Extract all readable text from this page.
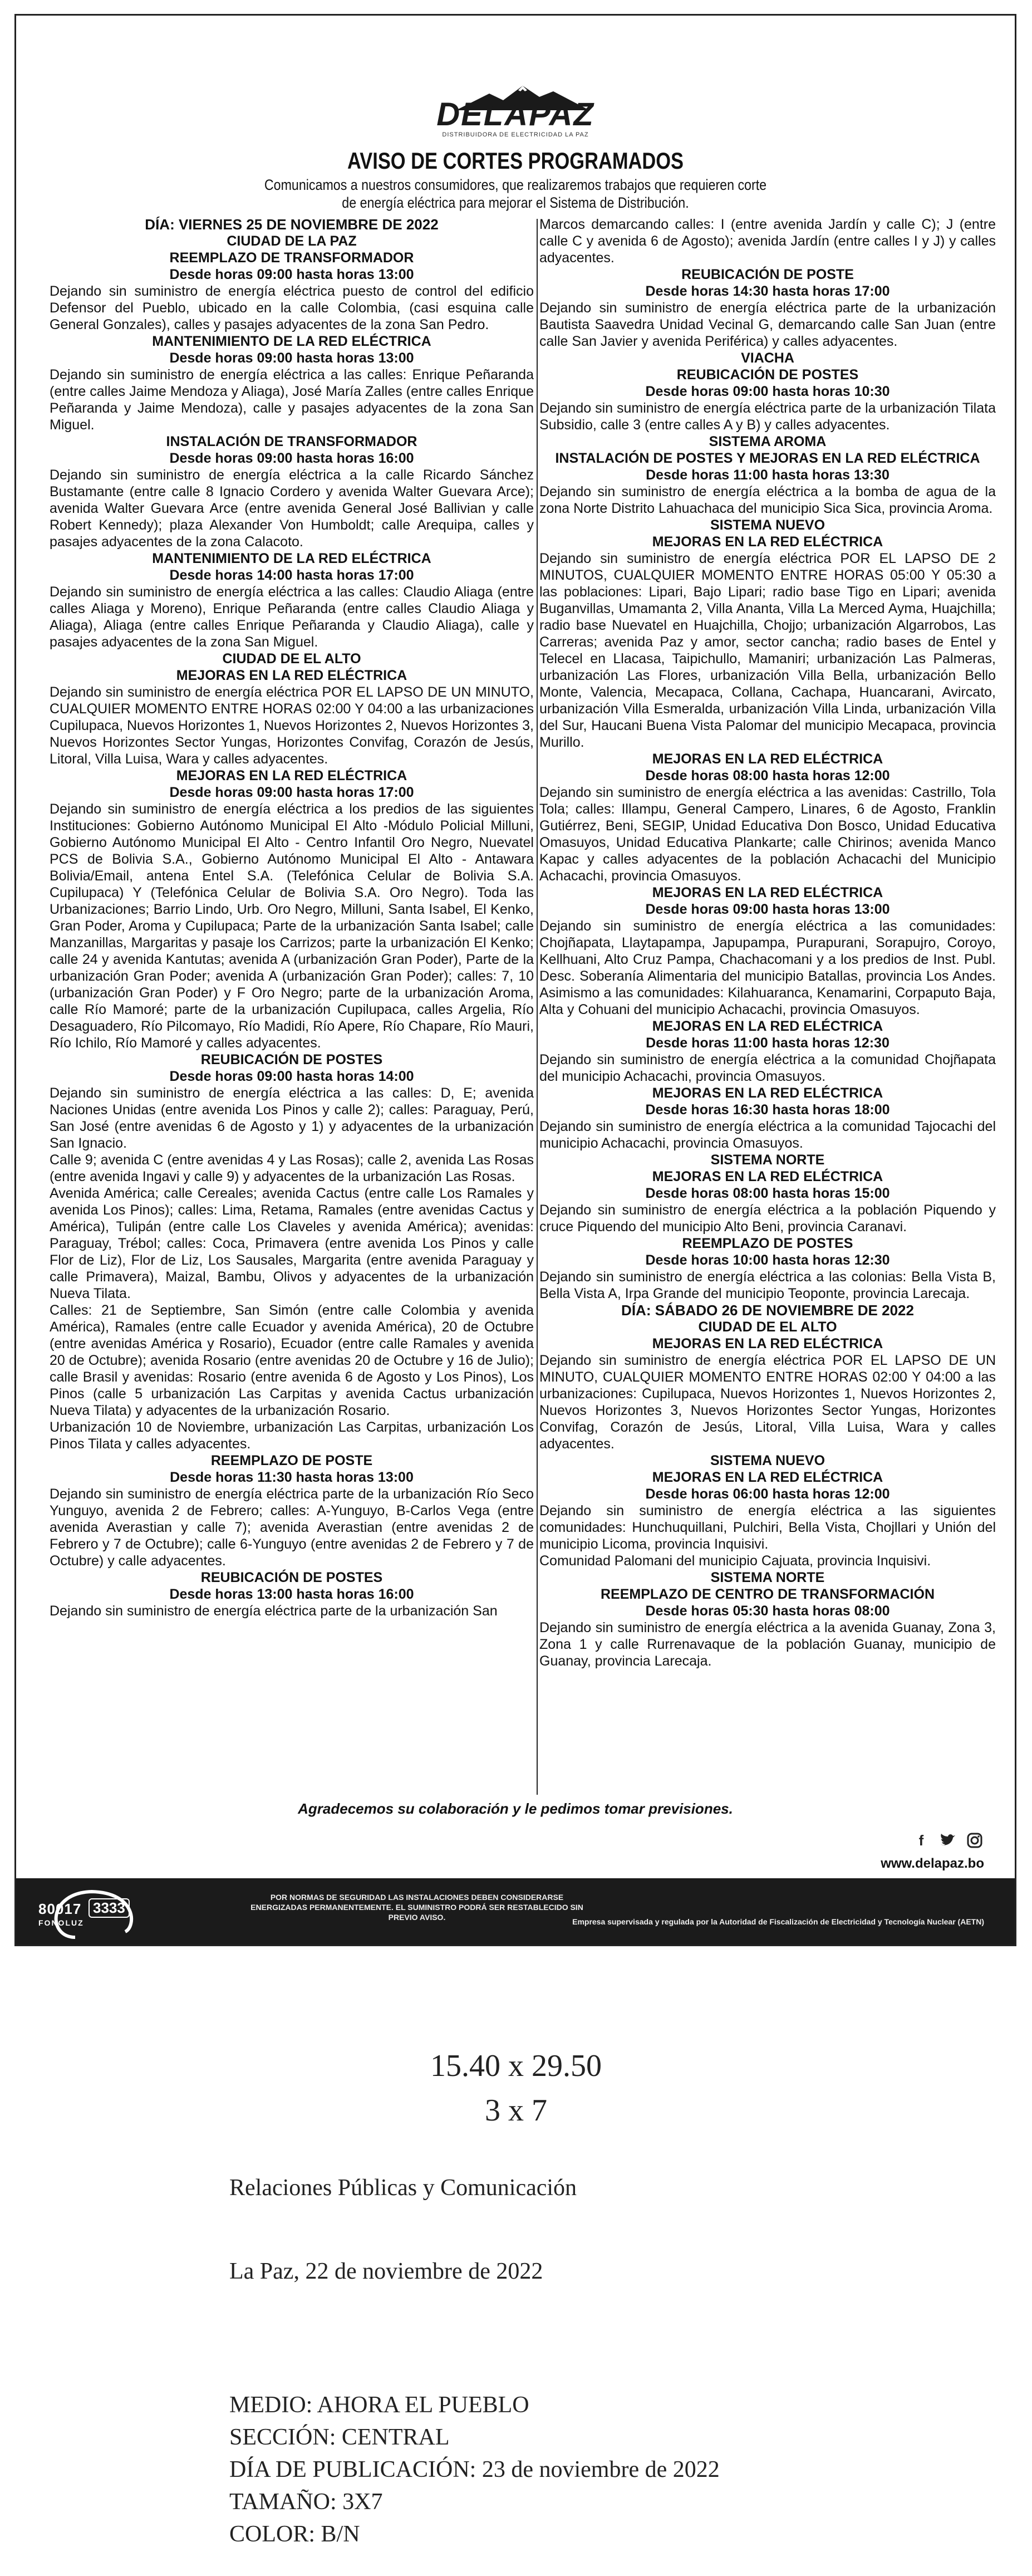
DELAPAZ
DISTRIBUIDORA DE ELECTRICIDAD LA PAZ
AVISO DE CORTES PROGRAMADOS
Comunicamos a nuestros consumidores, que realizaremos trabajos que requieren corte de energía eléctrica para mejorar el Sistema de Distribución.
DÍA: VIERNES 25 DE NOVIEMBRE DE 2022
CIUDAD DE LA PAZ
REEMPLAZO DE TRANSFORMADOR
Desde horas 09:00 hasta horas 13:00
Dejando sin suministro de energía eléctrica puesto de control del edificio Defensor del Pueblo, ubicado en la calle Colombia, (casi esquina calle General Gonzales), calles y pasajes adyacentes de la zona San Pedro.
MANTENIMIENTO DE LA RED ELÉCTRICA
Desde horas 09:00 hasta horas 13:00
Dejando sin suministro de energía eléctrica a las calles: Enrique Peñaranda (entre calles Jaime Mendoza y Aliaga), José María Zalles (entre calles Enrique Peñaranda y Jaime Mendoza), calle y pasajes adyacentes de la zona San Miguel.
INSTALACIÓN DE TRANSFORMADOR
Desde horas 09:00 hasta horas 16:00
Dejando sin suministro de energía eléctrica a la calle Ricardo Sánchez Bustamante (entre calle 8 Ignacio Cordero y avenida Walter Guevara Arce); avenida Walter Guevara Arce (entre avenida General José Ballivian y calle Robert Kennedy); plaza Alexander Von Humboldt; calle Arequipa, calles y pasajes adyacentes de la zona Calacoto.
MANTENIMIENTO DE LA RED ELÉCTRICA
Desde horas 14:00 hasta horas 17:00
Dejando sin suministro de energía eléctrica a las calles: Claudio Aliaga (entre calles Aliaga y Moreno), Enrique Peñaranda (entre calles Claudio Aliaga y Aliaga), Aliaga (entre calles Enrique Peñaranda y Claudio Aliaga), calle y pasajes adyacentes de la zona San Miguel.
CIUDAD DE EL ALTO
MEJORAS EN LA RED ELÉCTRICA
Dejando sin suministro de energía eléctrica POR EL LAPSO DE UN MINUTO, CUALQUIER MOMENTO ENTRE HORAS 02:00 Y 04:00 a las urbanizaciones Cupilupaca, Nuevos Horizontes 1, Nuevos Horizontes 2, Nuevos Horizontes 3, Nuevos Horizontes Sector Yungas, Horizontes Convifag, Corazón de Jesús, Litoral, Villa Luisa, Wara y calles adyacentes.
MEJORAS EN LA RED ELÉCTRICA
Desde horas 09:00 hasta horas 17:00
Dejando sin suministro de energía eléctrica a los predios de las siguientes Instituciones: Gobierno Autónomo Municipal El Alto -Módulo Policial Milluni, Gobierno Autónomo Municipal El Alto - Centro Infantil Oro Negro, Nuevatel PCS de Bolivia S.A., Gobierno Autónomo Municipal El Alto - Antawara Bolivia/Email, antena Entel S.A. (Telefónica Celular de Bolivia S.A. Cupilupaca) Y (Telefónica Celular de Bolivia S.A. Oro Negro). Toda las Urbanizaciones; Barrio Lindo, Urb. Oro Negro, Milluni, Santa Isabel, El Kenko, Gran Poder, Aroma y Cupilupaca; Parte de la urbanización Santa Isabel; calle Manzanillas, Margaritas y pasaje los Carrizos; parte la urbanización El Kenko; calle 24 y avenida Kantutas; avenida A (urbanización Gran Poder), Parte de la urbanización Gran Poder; avenida A (urbanización Gran Poder); calles: 7, 10 (urbanización Gran Poder) y F Oro Negro; parte de la urbanización Aroma, calle Río Mamoré; parte de la urbanización Cupilupaca, calles Argelia, Río Desaguadero, Río Pilcomayo, Río Madidi, Río Apere, Río Chapare, Río Mauri, Río Ichilo, Río Mamoré y calles adyacentes.
REUBICACIÓN DE POSTES
Desde horas 09:00 hasta horas 14:00
Dejando sin suministro de energía eléctrica a las calles: D, E; avenida Naciones Unidas (entre avenida Los Pinos y calle 2); calles: Paraguay, Perú, San José (entre avenidas 6 de Agosto y 1) y adyacentes de la urbanización San Ignacio.
Calle 9; avenida C (entre avenidas 4 y Las Rosas); calle 2, avenida Las Rosas (entre avenida Ingavi y calle 9) y adyacentes de la urbanización Las Rosas.
Avenida América; calle Cereales; avenida Cactus (entre calle Los Ramales y avenida Los Pinos); calles: Lima, Retama, Ramales (entre avenidas Cactus y América), Tulipán (entre calle Los Claveles y avenida América); avenidas: Paraguay, Trébol; calles: Coca, Primavera (entre avenida Los Pinos y calle Flor de Liz), Flor de Liz, Los Sausales, Margarita (entre avenida Paraguay y calle Primavera), Maizal, Bambu, Olivos y adyacentes de la urbanización Nueva Tilata.
Calles: 21 de Septiembre, San Simón (entre calle Colombia y avenida América), Ramales (entre calle Ecuador y avenida América), 20 de Octubre (entre avenidas América y Rosario), Ecuador (entre calle Ramales y avenida 20 de Octubre); avenida Rosario (entre avenidas 20 de Octubre y 16 de Julio); calle Brasil y avenidas: Rosario (entre avenida 6 de Agosto y Los Pinos), Los Pinos (calle 5 urbanización Las Carpitas y avenida Cactus urbanización Nueva Tilata) y adyacentes de la urbanización Rosario.
Urbanización 10 de Noviembre, urbanización Las Carpitas, urbanización Los Pinos Tilata y calles adyacentes.
REEMPLAZO DE POSTE
Desde horas 11:30 hasta horas 13:00
Dejando sin suministro de energía eléctrica parte de la urbanización Río Seco Yunguyo, avenida 2 de Febrero; calles: A-Yunguyo, B-Carlos Vega (entre avenida Averastian y calle 7); avenida Averastian (entre avenidas 2 de Febrero y 7 de Octubre); calle 6-Yunguyo (entre avenidas 2 de Febrero y 7 de Octubre) y calle adyacentes.
REUBICACIÓN DE POSTES
Desde horas 13:00 hasta horas 16:00
Dejando sin suministro de energía eléctrica parte de la urbanización San
Marcos demarcando calles: I (entre avenida Jardín y calle C); J (entre calle C y avenida 6 de Agosto); avenida Jardín (entre calles I y J) y calles adyacentes.
REUBICACIÓN DE POSTE
Desde horas 14:30 hasta horas 17:00
Dejando sin suministro de energía eléctrica parte de la urbanización Bautista Saavedra Unidad Vecinal G, demarcando calle San Juan (entre calle San Javier y avenida Periférica) y calles adyacentes.
VIACHA
REUBICACIÓN DE POSTES
Desde horas 09:00 hasta horas 10:30
Dejando sin suministro de energía eléctrica parte de la urbanización Tilata Subsidio, calle 3 (entre calles A y B) y calles adyacentes.
SISTEMA AROMA
INSTALACIÓN DE POSTES Y MEJORAS EN LA RED ELÉCTRICA
Desde horas 11:00 hasta horas 13:30
Dejando sin suministro de energía eléctrica a la bomba de agua de la zona Norte Distrito Lahuachaca del municipio Sica Sica, provincia Aroma.
SISTEMA NUEVO
MEJORAS EN LA RED ELÉCTRICA
Dejando sin suministro de energía eléctrica POR EL LAPSO DE 2 MINUTOS, CUALQUIER MOMENTO ENTRE HORAS 05:00 Y 05:30 a las poblaciones: Lipari, Bajo Lipari; radio base Tigo en Lipari; avenida Buganvillas, Umamanta 2, Villa Ananta, Villa La Merced Ayma, Huajchilla; radio base Nuevatel en Huajchilla, Chojjo; urbanización Algarrobos, Las Carreras; avenida Paz y amor, sector cancha; radio bases de Entel y Telecel en Llacasa, Taipichullo, Mamaniri; urbanización Las Palmeras, urbanización Las Flores, urbanización Villa Bella, urbanización Bello Monte, Valencia, Mecapaca, Collana, Cachapa, Huancarani, Avircato, urbanización Villa Esmeralda, urbanización Villa Linda, urbanización Villa del Sur, Haucani Buena Vista Palomar del municipio Mecapaca, provincia Murillo.
MEJORAS EN LA RED ELÉCTRICA
Desde horas 08:00 hasta horas 12:00
Dejando sin suministro de energía eléctrica a las avenidas: Castrillo, Tola Tola; calles: Illampu, General Campero, Linares, 6 de Agosto, Franklin Gutiérrez, Beni, SEGIP, Unidad Educativa Don Bosco, Unidad Educativa Omasuyos, Unidad Educativa Plankarte; calle Chirinos; avenida Manco Kapac y calles adyacentes de la población Achacachi del Municipio Achacachi, provincia Omasuyos.
MEJORAS EN LA RED ELÉCTRICA
Desde horas 09:00 hasta horas 13:00
Dejando sin suministro de energía eléctrica a las comunidades: Chojñapata, Llaytapampa, Japupampa, Purapurani, Sorapujro, Coroyo, Kellhuani, Alto Cruz Pampa, Chachacomani y a los predios de Inst. Publ. Desc. Soberanía Alimentaria del municipio Batallas, provincia Los Andes. Asimismo a las comunidades: Kilahuaranca, Kenamarini, Corpaputo Baja, Alta y Cohuani del municipio Achacachi, provincia Omasuyos.
MEJORAS EN LA RED ELÉCTRICA
Desde horas 11:00 hasta horas 12:30
Dejando sin suministro de energía eléctrica a la comunidad Chojñapata del municipio Achacachi, provincia Omasuyos.
MEJORAS EN LA RED ELÉCTRICA
Desde horas 16:30 hasta horas 18:00
Dejando sin suministro de energía eléctrica a la comunidad Tajocachi del municipio Achacachi, provincia Omasuyos.
SISTEMA NORTE
MEJORAS EN LA RED ELÉCTRICA
Desde horas 08:00 hasta horas 15:00
Dejando sin suministro de energía eléctrica a la población Piquendo y cruce Piquendo del municipio Alto Beni, provincia Caranavi.
REEMPLAZO DE POSTES
Desde horas 10:00 hasta horas 12:30
Dejando sin suministro de energía eléctrica a las colonias: Bella Vista B, Bella Vista A, Irpa Grande del municipio Teoponte, provincia Larecaja.
DÍA: SÁBADO 26 DE NOVIEMBRE DE 2022
CIUDAD DE EL ALTO
MEJORAS EN LA RED ELÉCTRICA
Dejando sin suministro de energía eléctrica POR EL LAPSO DE UN MINUTO, CUALQUIER MOMENTO ENTRE HORAS 02:00 Y 04:00 a las urbanizaciones: Cupilupaca, Nuevos Horizontes 1, Nuevos Horizontes 2, Nuevos Horizontes 3, Nuevos Horizontes Sector Yungas, Horizontes Convifag, Corazón de Jesús, Litoral, Villa Luisa, Wara y calles adyacentes.
SISTEMA NUEVO
MEJORAS EN LA RED ELÉCTRICA
Desde horas 06:00 hasta horas 12:00
Dejando sin suministro de energía eléctrica a las siguientes comunidades: Hunchuquillani, Pulchiri, Bella Vista, Chojllari y Unión del municipio Licoma, provincia Inquisivi.
Comunidad Palomani del municipio Cajuata, provincia Inquisivi.
SISTEMA NORTE
REEMPLAZO DE CENTRO DE TRANSFORMACIÓN
Desde horas 05:30 hasta horas 08:00
Dejando sin suministro de energía eléctrica a la avenida Guanay, Zona 3, Zona 1 y calle Rurrenavaque de la población Guanay, municipio de Guanay, provincia Larecaja.
Agradecemos su colaboración y le pedimos tomar previsiones.
f
www.delapaz.bo
80017 3333
FONOLUZ
POR NORMAS DE SEGURIDAD LAS INSTALACIONES DEBEN CONSIDERARSE ENERGIZADAS PERMANENTEMENTE. EL SUMINISTRO PODRÁ SER RESTABLECIDO SIN PREVIO AVISO.	Empresa supervisada y regulada por la Autoridad de Fiscalización de Electricidad y Tecnología Nuclear (AETN)
15.40 x 29.50
3 x 7
Relaciones Públicas y Comunicación
La Paz, 22 de noviembre de 2022
MEDIO: AHORA EL PUEBLO
SECCIÓN: CENTRAL
DÍA DE PUBLICACIÓN: 23 de noviembre de 2022
TAMAÑO: 3X7
COLOR: B/N
